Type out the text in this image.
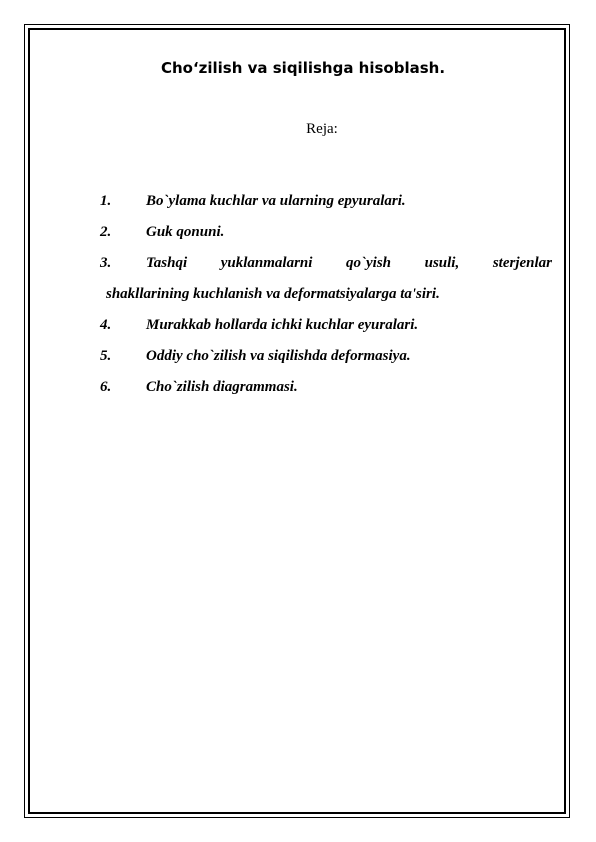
Cho‘zilish va siqilishga hisoblash.

Reja:

1. Bo`ylama kuchlar va ularning epyuralari.
2. Guk qonuni.
3. Tashqi yuklanmalarni qo`yish usuli, sterjenlar
shakllarining kuchlanish va deformatsiyalarga ta'siri.
4. Murakkab hollarda ichki kuchlar eyuralari.
5. Oddiy cho`zilish va siqilishda deformasiya.
6. Cho`zilish diagrammasi.
